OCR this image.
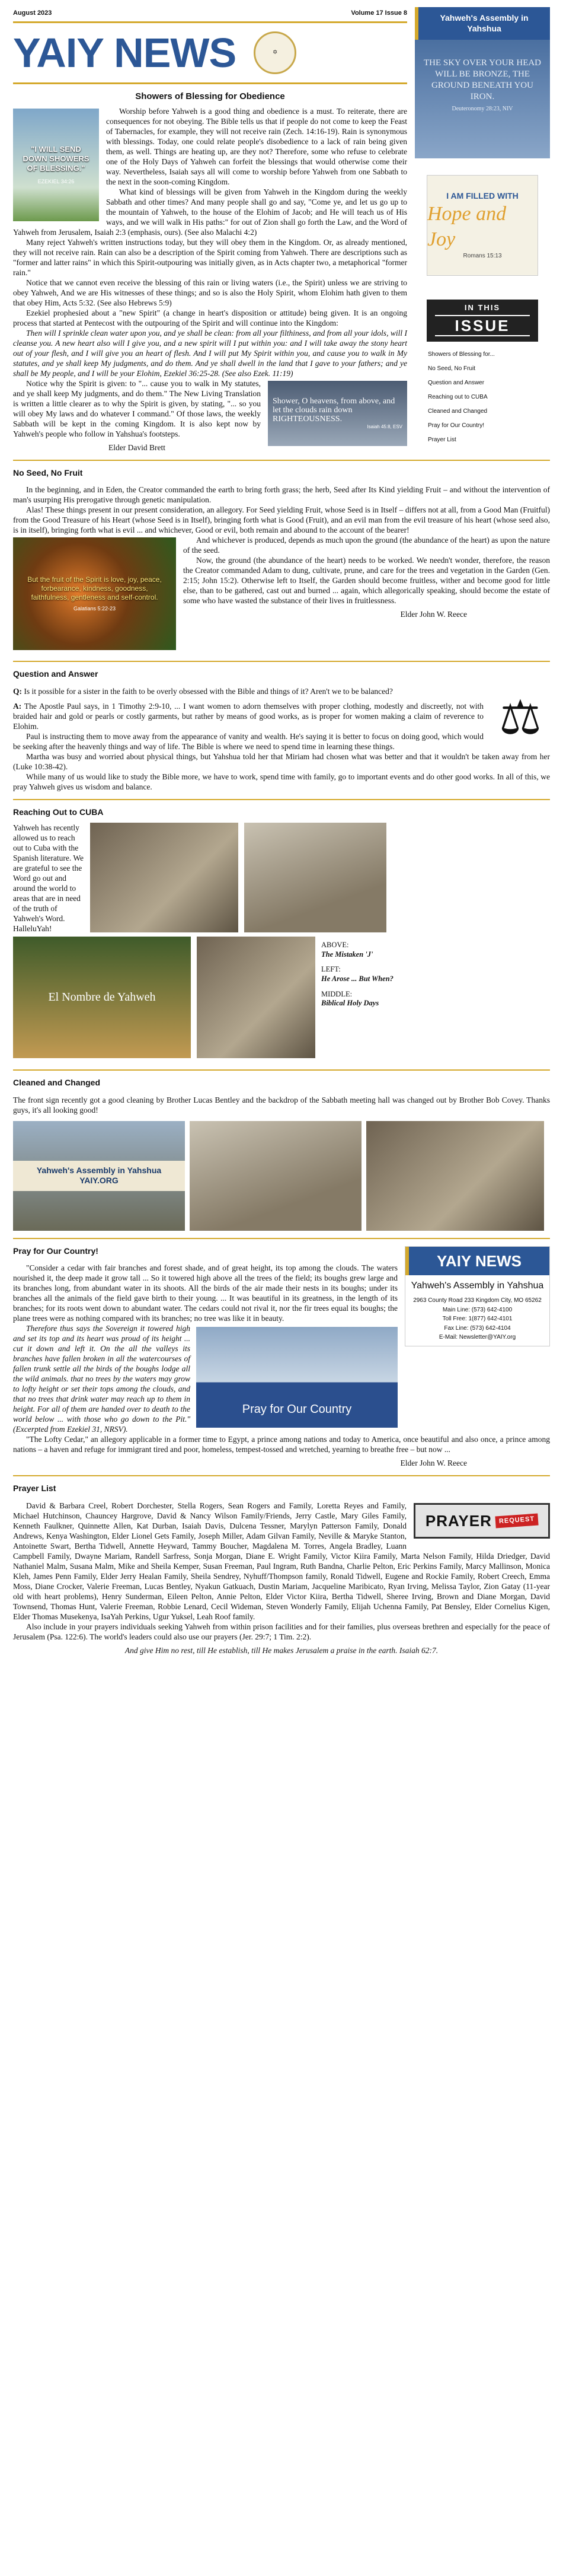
August 2023	Volume 17 Issue 8
YAIY NEWS	✡
Showers of Blessing for Obedience
"I WILL SEND DOWN SHOWERS OF BLESSING."
EZEKIEL 34:26

Worship before Yahweh is a good thing and obedience is a must. To reiterate, there are consequences for not obeying. The Bible tells us that if people do not come to keep the Feast of Tabernacles, for example, they will not receive rain (Zech. 14:16-19). Rain is synonymous with blessings. Today, one could relate people's disobedience to a lack of rain being given them, as well. Things are heating up, are they not? Therefore, some who refuse to celebrate one of the Holy Days of Yahweh can forfeit the blessings that would otherwise come their way. Nevertheless, Isaiah says all will come to worship before Yahweh from one Sabbath to the next in the soon-coming Kingdom.

What kind of blessings will be given from Yahweh in the Kingdom during the weekly Sabbath and other times? And many people shall go and say, "Come ye, and let us go up to the mountain of Yahweh, to the house of the Elohim of Jacob; and He will teach us of His ways, and we will walk in His paths:" for out of Zion shall go forth the Law, and the Word of Yahweh from Jerusalem, Isaiah 2:3 (emphasis, ours). (See also Malachi 4:2)

Many reject Yahweh's written instructions today, but they will obey them in the Kingdom. Or, as already mentioned, they will not receive rain. Rain can also be a description of the Spirit coming from Yahweh. There are descriptions such as "former and latter rains" in which this Spirit-outpouring was initially given, as in Acts chapter two, a metaphorical "former rain."

Notice that we cannot even receive the blessing of this rain or living waters (i.e., the Spirit) unless we are striving to obey Yahweh, And we are His witnesses of these things; and so is also the Holy Spirit, whom Elohim hath given to them that obey Him, Acts 5:32. (See also Hebrews 5:9)

Ezekiel prophesied about a "new Spirit" (a change in heart's disposition or attitude) being given. It is an ongoing process that started at Pentecost with the outpouring of the Spirit and will continue into the Kingdom:

Then will I sprinkle clean water upon you, and ye shall be clean: from all your filthiness, and from all your idols, will I cleanse you. A new heart also will I give you, and a new spirit will I put within you: and I will take away the stony heart out of your flesh, and I will give you an heart of flesh. And I will put My Spirit within you, and cause you to walk in My statutes, and ye shall keep My judgments, and do them. And ye shall dwell in the land that I gave to your fathers; and ye shall be My people, and I will be your Elohim, Ezekiel 36:25-28. (See also Ezek. 11:19)

Shower, O heavens, from above, and let the clouds rain down RIGHTEOUSNESS.
Isaiah 45:8, ESV

Notice why the Spirit is given: to "... cause you to walk in My statutes, and ye shall keep My judgments, and do them." The New Living Translation is written a little clearer as to why the Spirit is given, by stating, "... so you will obey My laws and do whatever I command." Of those laws, the weekly Sabbath will be kept in the coming Kingdom. It is also kept now by Yahweh's people who follow in Yahshua's footsteps.

Elder David Brett

No Seed, No Fruit

In the beginning, and in Eden, the Creator commanded the earth to bring forth grass; the herb, Seed after Its Kind yielding Fruit – and without the intervention of man's usurping His prerogative through genetic manipulation.

Alas! These things present in our present consideration, an allegory. For Seed yielding Fruit, whose Seed is in Itself – differs not at all, from a Good Man (Fruitful) from the Good Treasure of his Heart (whose Seed is in Itself), bringing forth what is Good (Fruit), and an evil man from the evil treasure of his heart (whose seed also, is in itself), bringing forth what is evil ... and whichever, Good or evil, both remain and abound to the account of the bearer!

But the fruit of the Spirit is love, joy, peace, forbearance, kindness, goodness, faithfulness, gentleness and self-control.
Galatians 5:22-23

And whichever is produced, depends as much upon the ground (the abundance of the heart) as upon the nature of the seed.

Now, the ground (the abundance of the heart) needs to be worked. We needn't wonder, therefore, the reason the Creator commanded Adam to dung, cultivate, prune, and care for the trees and vegetation in the Garden (Gen. 2:15; John 15:2). Otherwise left to Itself, the Garden should become fruitless, wither and become good for little else, than to be gathered, cast out and burned ... again, which allegorically speaking, should become the estate of some who have wasted the substance of their lives in fruitlessness.

Elder John W. Reece

Question and Answer
⚖

Q: Is it possible for a sister in the faith to be overly obsessed with the Bible and things of it? Aren't we to be balanced?

A: The Apostle Paul says, in 1 Timothy 2:9-10, ... I want women to adorn themselves with proper clothing, modestly and discreetly, not with braided hair and gold or pearls or costly garments, but rather by means of good works, as is proper for women making a claim of reverence to Elohim.

Paul is instructing them to move away from the appearance of vanity and wealth. He's saying it is better to focus on doing good, which would be seeking after the heavenly things and way of life. The Bible is where we need to spend time in learning these things.

Martha was busy and worried about physical things, but Yahshua told her that Miriam had chosen what was better and that it wouldn't be taken away from her (Luke 10:38-42).

While many of us would like to study the Bible more, we have to work, spend time with family, go to important events and do other good works. In all of this, we pray Yahweh gives us wisdom and balance.

Reaching Out to CUBA

Yahweh has recently allowed us to reach out to Cuba with the Spanish literature. We are grateful to see the Word go out and around the world to areas that are in need of the truth of Yahweh's Word. HalleluYah!

El Nombre de Yahweh
ABOVE:
The Mistaken 'J'
LEFT:
He Arose ... But When?
MIDDLE:
Biblical Holy Days
Cleaned and Changed

The front sign recently got a good cleaning by Brother Lucas Bentley and the backdrop of the Sabbath meeting hall was changed out by Brother Bob Covey. Thanks guys, it's all looking good!

Yahweh's Assembly in Yahshua YAIY.ORG
YAIY NEWS
Yahweh's Assembly in Yahshua
2963 County Road 233 Kingdom City, MO 65262
Main Line: (573) 642-4100
Toll Free: 1(877) 642-4101
Fax Line: (573) 642-4104
E-Mail: Newsletter@YAIY.org
Pray for Our Country!

"Consider a cedar with fair branches and forest shade, and of great height, its top among the clouds. The waters nourished it, the deep made it grow tall ... So it towered high above all the trees of the field; its boughs grew large and its branches long, from abundant water in its shoots. All the birds of the air made their nests in its boughs; under its branches all the animals of the field gave birth to their young. ... It was beautiful in its greatness, in the length of its branches; for its roots went down to abundant water. The cedars could not rival it, nor the fir trees equal its boughs; the plane trees were as nothing compared with its branches; no tree was like it in beauty.

Pray for Our Country

Therefore thus says the Sovereign it towered high and set its top and its heart was proud of its height ... cut it down and left it. On the all the valleys its branches have fallen broken in all the watercourses of fallen trunk settle all the birds of the boughs lodge all the wild animals. that no trees by the waters may grow to lofty height or set their tops among the clouds, and that no trees that drink water may reach up to them in height. For all of them are handed over to death to the world below ... with those who go down to the Pit." (Excerpted from Ezekiel 31, NRSV).

"The Lofty Cedar," an allegory applicable in a former time to Egypt, a prince among nations and today to America, once beautiful and also once, a prince among nations – a haven and refuge for immigrant tired and poor, homeless, tempest-tossed and wretched, yearning to breathe free – but now ...

Elder John W. Reece

Prayer List
PRAYER	REQUEST

David & Barbara Creel, Robert Dorchester, Stella Rogers, Sean Rogers and Family, Loretta Reyes and Family, Michael Hutchinson, Chauncey Hargrove, David & Nancy Wilson Family/Friends, Jerry Castle, Mary Giles Family, Kenneth Faulkner, Quinnette Allen, Kat Durban, Isaiah Davis, Dulcena Tessner, Marylyn Patterson Family, Donald Andrews, Kenya Washington, Elder Lionel Gets Family, Joseph Miller, Adam Gilvan Family, Neville & Maryke Stanton, Antoinette Swart, Bertha Tidwell, Annette Heyward, Tammy Boucher, Magdalena M. Torres, Angela Bradley, Luann Campbell Family, Dwayne Mariam, Randell Sarfress, Sonja Morgan, Diane E. Wright Family, Victor Kiira Family, Marta Nelson Family, Hilda Driedger, David Nathaniel Malm, Susana Malm, Mike and Sheila Kemper, Susan Freeman, Paul Ingram, Ruth Bandna, Charlie Pelton, Eric Perkins Family, Marcy Mallinson, Monica Kleh, James Penn Family, Elder Jerry Healan Family, Sheila Sendrey, Nyhuff/Thompson family, Ronald Tidwell, Eugene and Rockie Family, Robert Creech, Emma Moss, Diane Crocker, Valerie Freeman, Lucas Bentley, Nyakun Gatkuach, Dustin Mariam, Jacqueline Maribicato, Ryan Irving, Melissa Taylor, Zion Gatay (11-year old with heart problems), Henry Sunderman, Eileen Pelton, Annie Pelton, Elder Victor Kiira, Bertha Tidwell, Sheree Irving, Brown and Diane Morgan, David Townsend, Thomas Hunt, Valerie Freeman, Robbie Lenard, Cecil Wideman, Steven Wonderly Family, Elijah Uchenna Family, Pat Bensley, Elder Cornelius Kigen, Elder Thomas Musekenya, IsaYah Perkins, Ugur Yuksel, Leah Roof family.

Also include in your prayers individuals seeking Yahweh from within prison facilities and for their families, plus overseas brethren and especially for the peace of Jerusalem (Psa. 122:6). The world's leaders could also use our prayers (Jer. 29:7; 1 Tim. 2:2).

And give Him no rest, till He establish, till He makes Jerusalem a praise in the earth. Isaiah 62:7.

Yahweh's Assembly in Yahshua
THE SKY OVER YOUR HEAD WILL BE BRONZE, THE GROUND BENEATH YOU IRON.
Deuteronomy 28:23, NIV
I AM FILLED WITH
Hope and Joy
Romans 15:13
IN THIS
ISSUE
Showers of Blessing for...
No Seed, No Fruit
Question and Answer
Reaching out to CUBA
Cleaned and Changed
Pray for Our Country!
Prayer List
